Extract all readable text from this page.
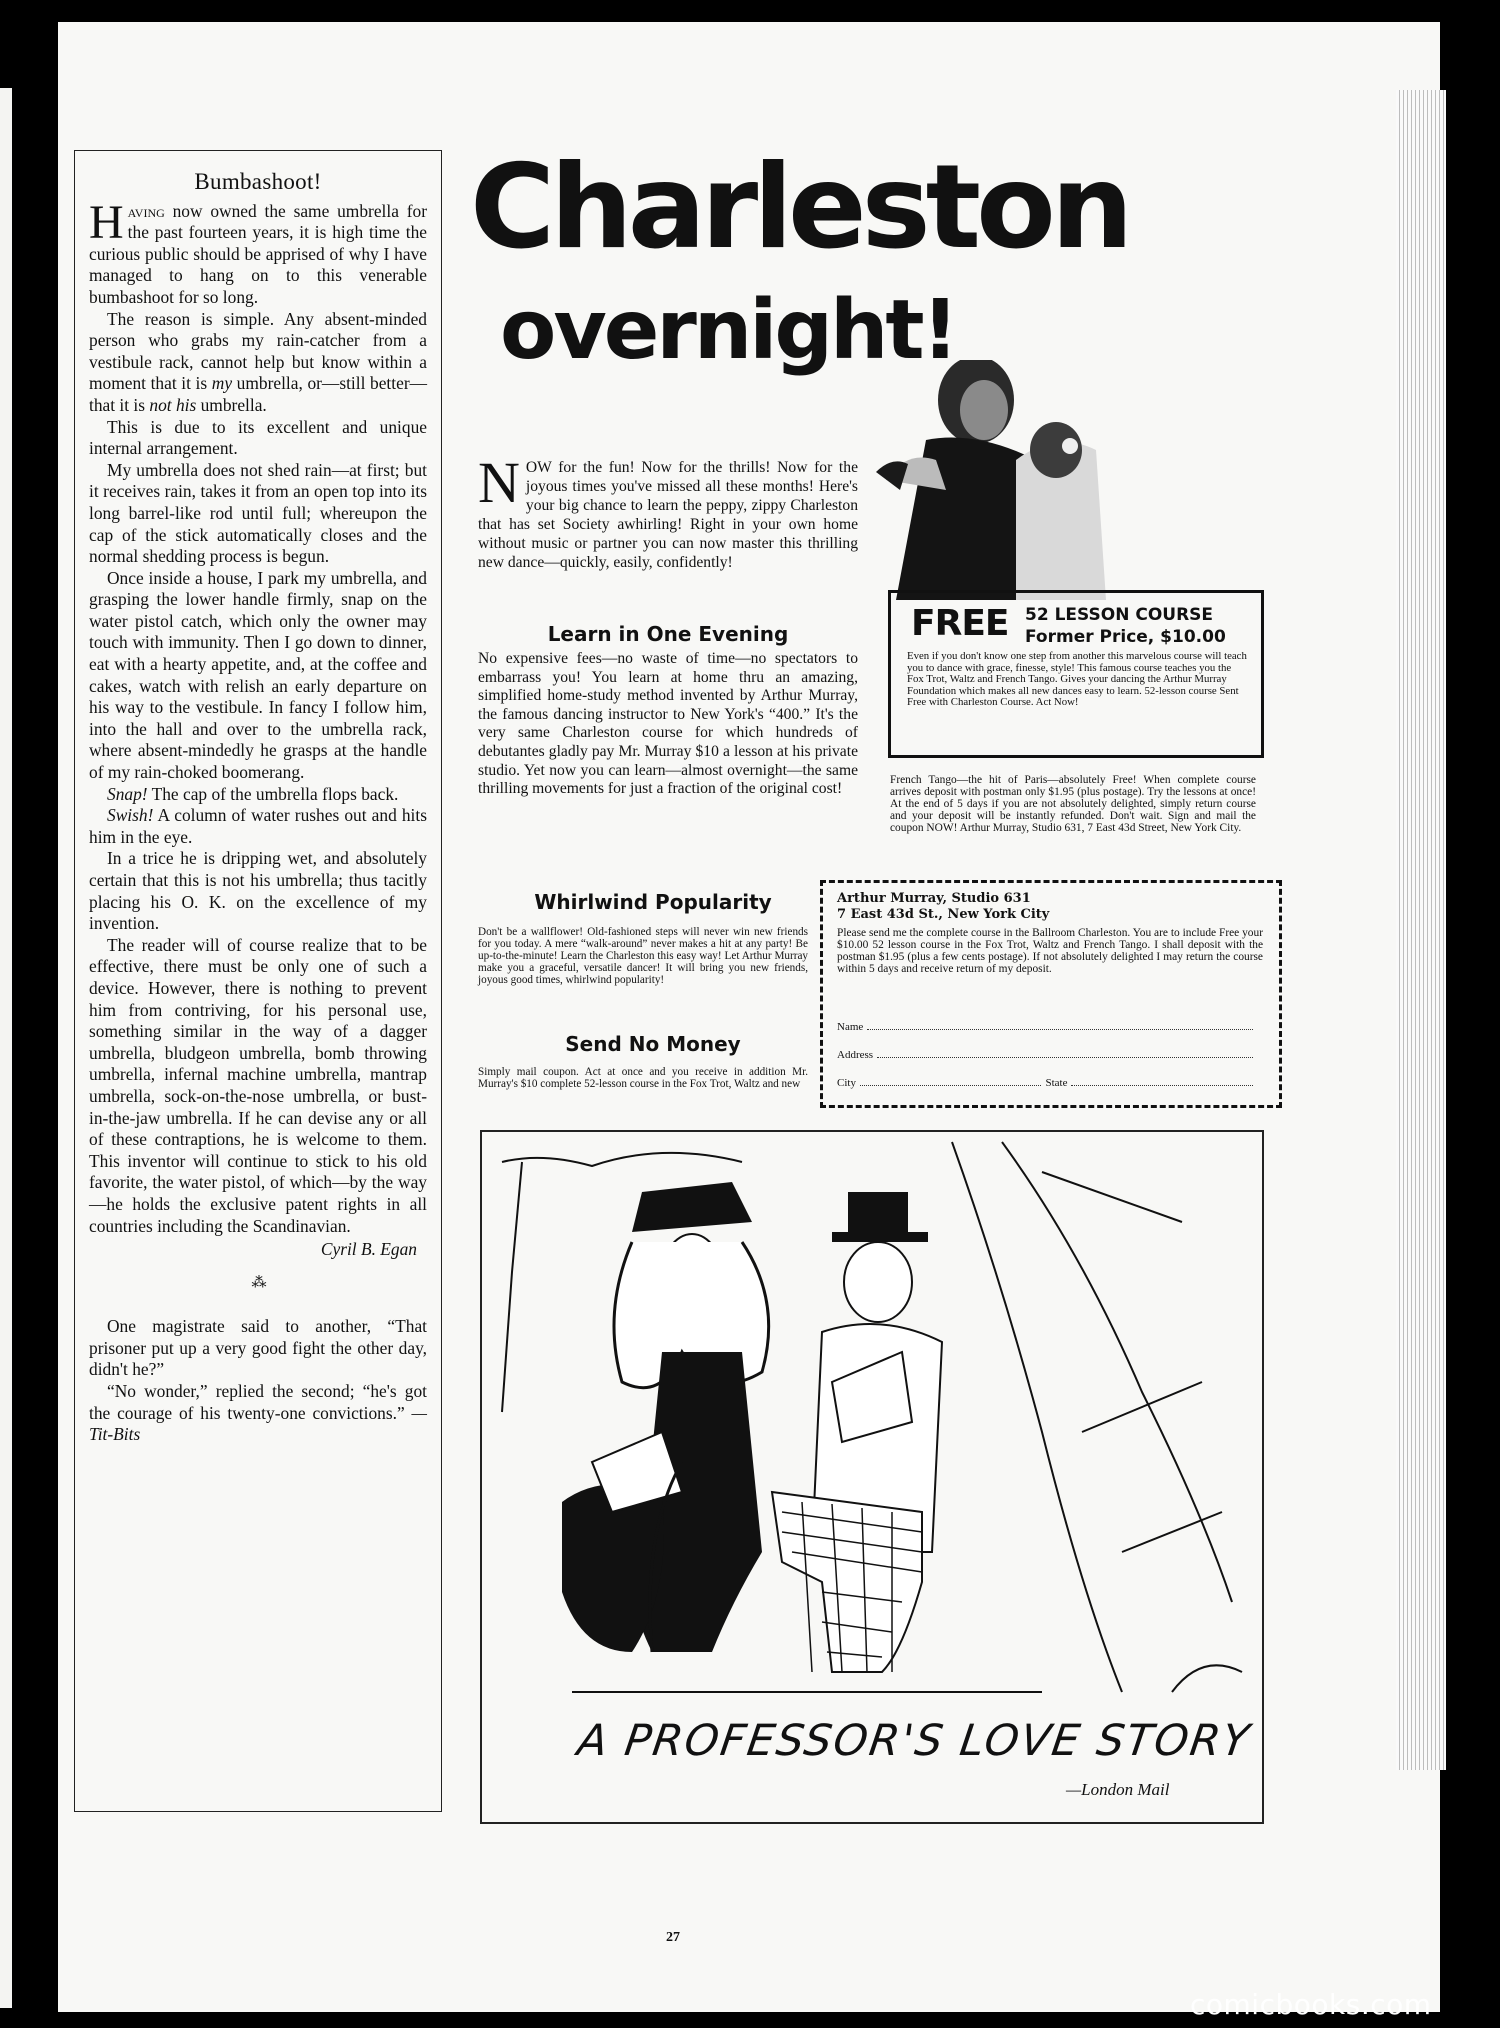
Bumbashoot!

Having now owned the same umbrella for the past fourteen years, it is high time the curious public should be apprised of why I have managed to hang on to this venerable bumbashoot for so long.

The reason is simple. Any absent-minded person who grabs my rain-catcher from a vestibule rack, cannot help but know within a moment that it is my umbrella, or—still better—that it is not his umbrella.

This is due to its excellent and unique internal arrangement.

My umbrella does not shed rain—at first; but it receives rain, takes it from an open top into its long barrel-like rod until full; whereupon the cap of the stick automatically closes and the normal shedding process is begun.

Once inside a house, I park my umbrella, and grasping the lower handle firmly, snap on the water pistol catch, which only the owner may touch with immunity. Then I go down to dinner, eat with a hearty appetite, and, at the coffee and cakes, watch with relish an early departure on his way to the vestibule. In fancy I follow him, into the hall and over to the umbrella rack, where absent-mindedly he grasps at the handle of my rain-choked boomerang.

Snap! The cap of the umbrella flops back.

Swish! A column of water rushes out and hits him in the eye.

In a trice he is dripping wet, and absolutely certain that this is not his umbrella; thus tacitly placing his O. K. on the excellence of my invention.

The reader will of course realize that to be effective, there must be only one of such a device. However, there is nothing to prevent him from contriving, for his personal use, something similar in the way of a dagger umbrella, bludgeon umbrella, bomb throwing umbrella, infernal machine umbrella, mantrap umbrella, sock-on-the-nose umbrella, or bust-in-the-jaw umbrella. If he can devise any or all of these contraptions, he is welcome to them. This inventor will continue to stick to his old favorite, the water pistol, of which—by the way—he holds the exclusive patent rights in all countries including the Scandinavian.

Cyril B. Egan

⁂

One magistrate said to another, “That prisoner put up a very good fight the other day, didn't he?”

“No wonder,” replied the second; “he's got the courage of his twenty-one convictions.” —Tit-Bits

Charleston
overnight!
NOW for the fun! Now for the thrills! Now for the joyous times you've missed all these months! Here's your big chance to learn the peppy, zippy Charleston that has set Society awhirling! Right in your own home without music or partner you can now master this thrilling new dance—quickly, easily, confidently!
Learn in One Evening
No expensive fees—no waste of time—no spectators to embarrass you! You learn at home thru an amazing, simplified home-study method invented by Arthur Murray, the famous dancing instructor to New York's “400.” It's the very same Charleston course for which hundreds of debutantes gladly pay Mr. Murray $10 a lesson at his private studio. Yet now you can learn—almost overnight—the same thrilling movements for just a fraction of the original cost!
Whirlwind Popularity
Don't be a wallflower! Old-fashioned steps will never win new friends for you today. A mere “walk-around” never makes a hit at any party! Be up-to-the-minute! Learn the Charleston this easy way! Let Arthur Murray make you a graceful, versatile dancer! It will bring you new friends, joyous good times, whirlwind popularity!
Send No Money
Simply mail coupon. Act at once and you receive in addition Mr. Murray's $10 complete 52-lesson course in the Fox Trot, Waltz and new
FREE 52 LESSON COURSE
Former Price, $10.00
Even if you don't know one step from another this marvelous course will teach you to dance with grace, finesse, style! This famous course teaches you the Fox Trot, Waltz and French Tango. Gives your dancing the Arthur Murray Foundation which makes all new dances easy to learn. 52-lesson course Sent Free with Charleston Course. Act Now!
French Tango—the hit of Paris—absolutely Free! When complete course arrives deposit with postman only $1.95 (plus postage). Try the lessons at once! At the end of 5 days if you are not absolutely delighted, simply return course and your deposit will be instantly refunded. Don't wait. Sign and mail the coupon NOW! Arthur Murray, Studio 631, 7 East 43d Street, New York City.
Arthur Murray, Studio 631
7 East 43d St., New York City
Please send me the complete course in the Ballroom Charleston. You are to include Free your $10.00 52 lesson course in the Fox Trot, Waltz and French Tango. I shall deposit with the postman $1.95 (plus a few cents postage). If not absolutely delighted I may return the course within 5 days and receive return of my deposit.
Name
Address
City	State
A PROFESSOR'S LOVE STORY
—London Mail
27
comicbooks.com
